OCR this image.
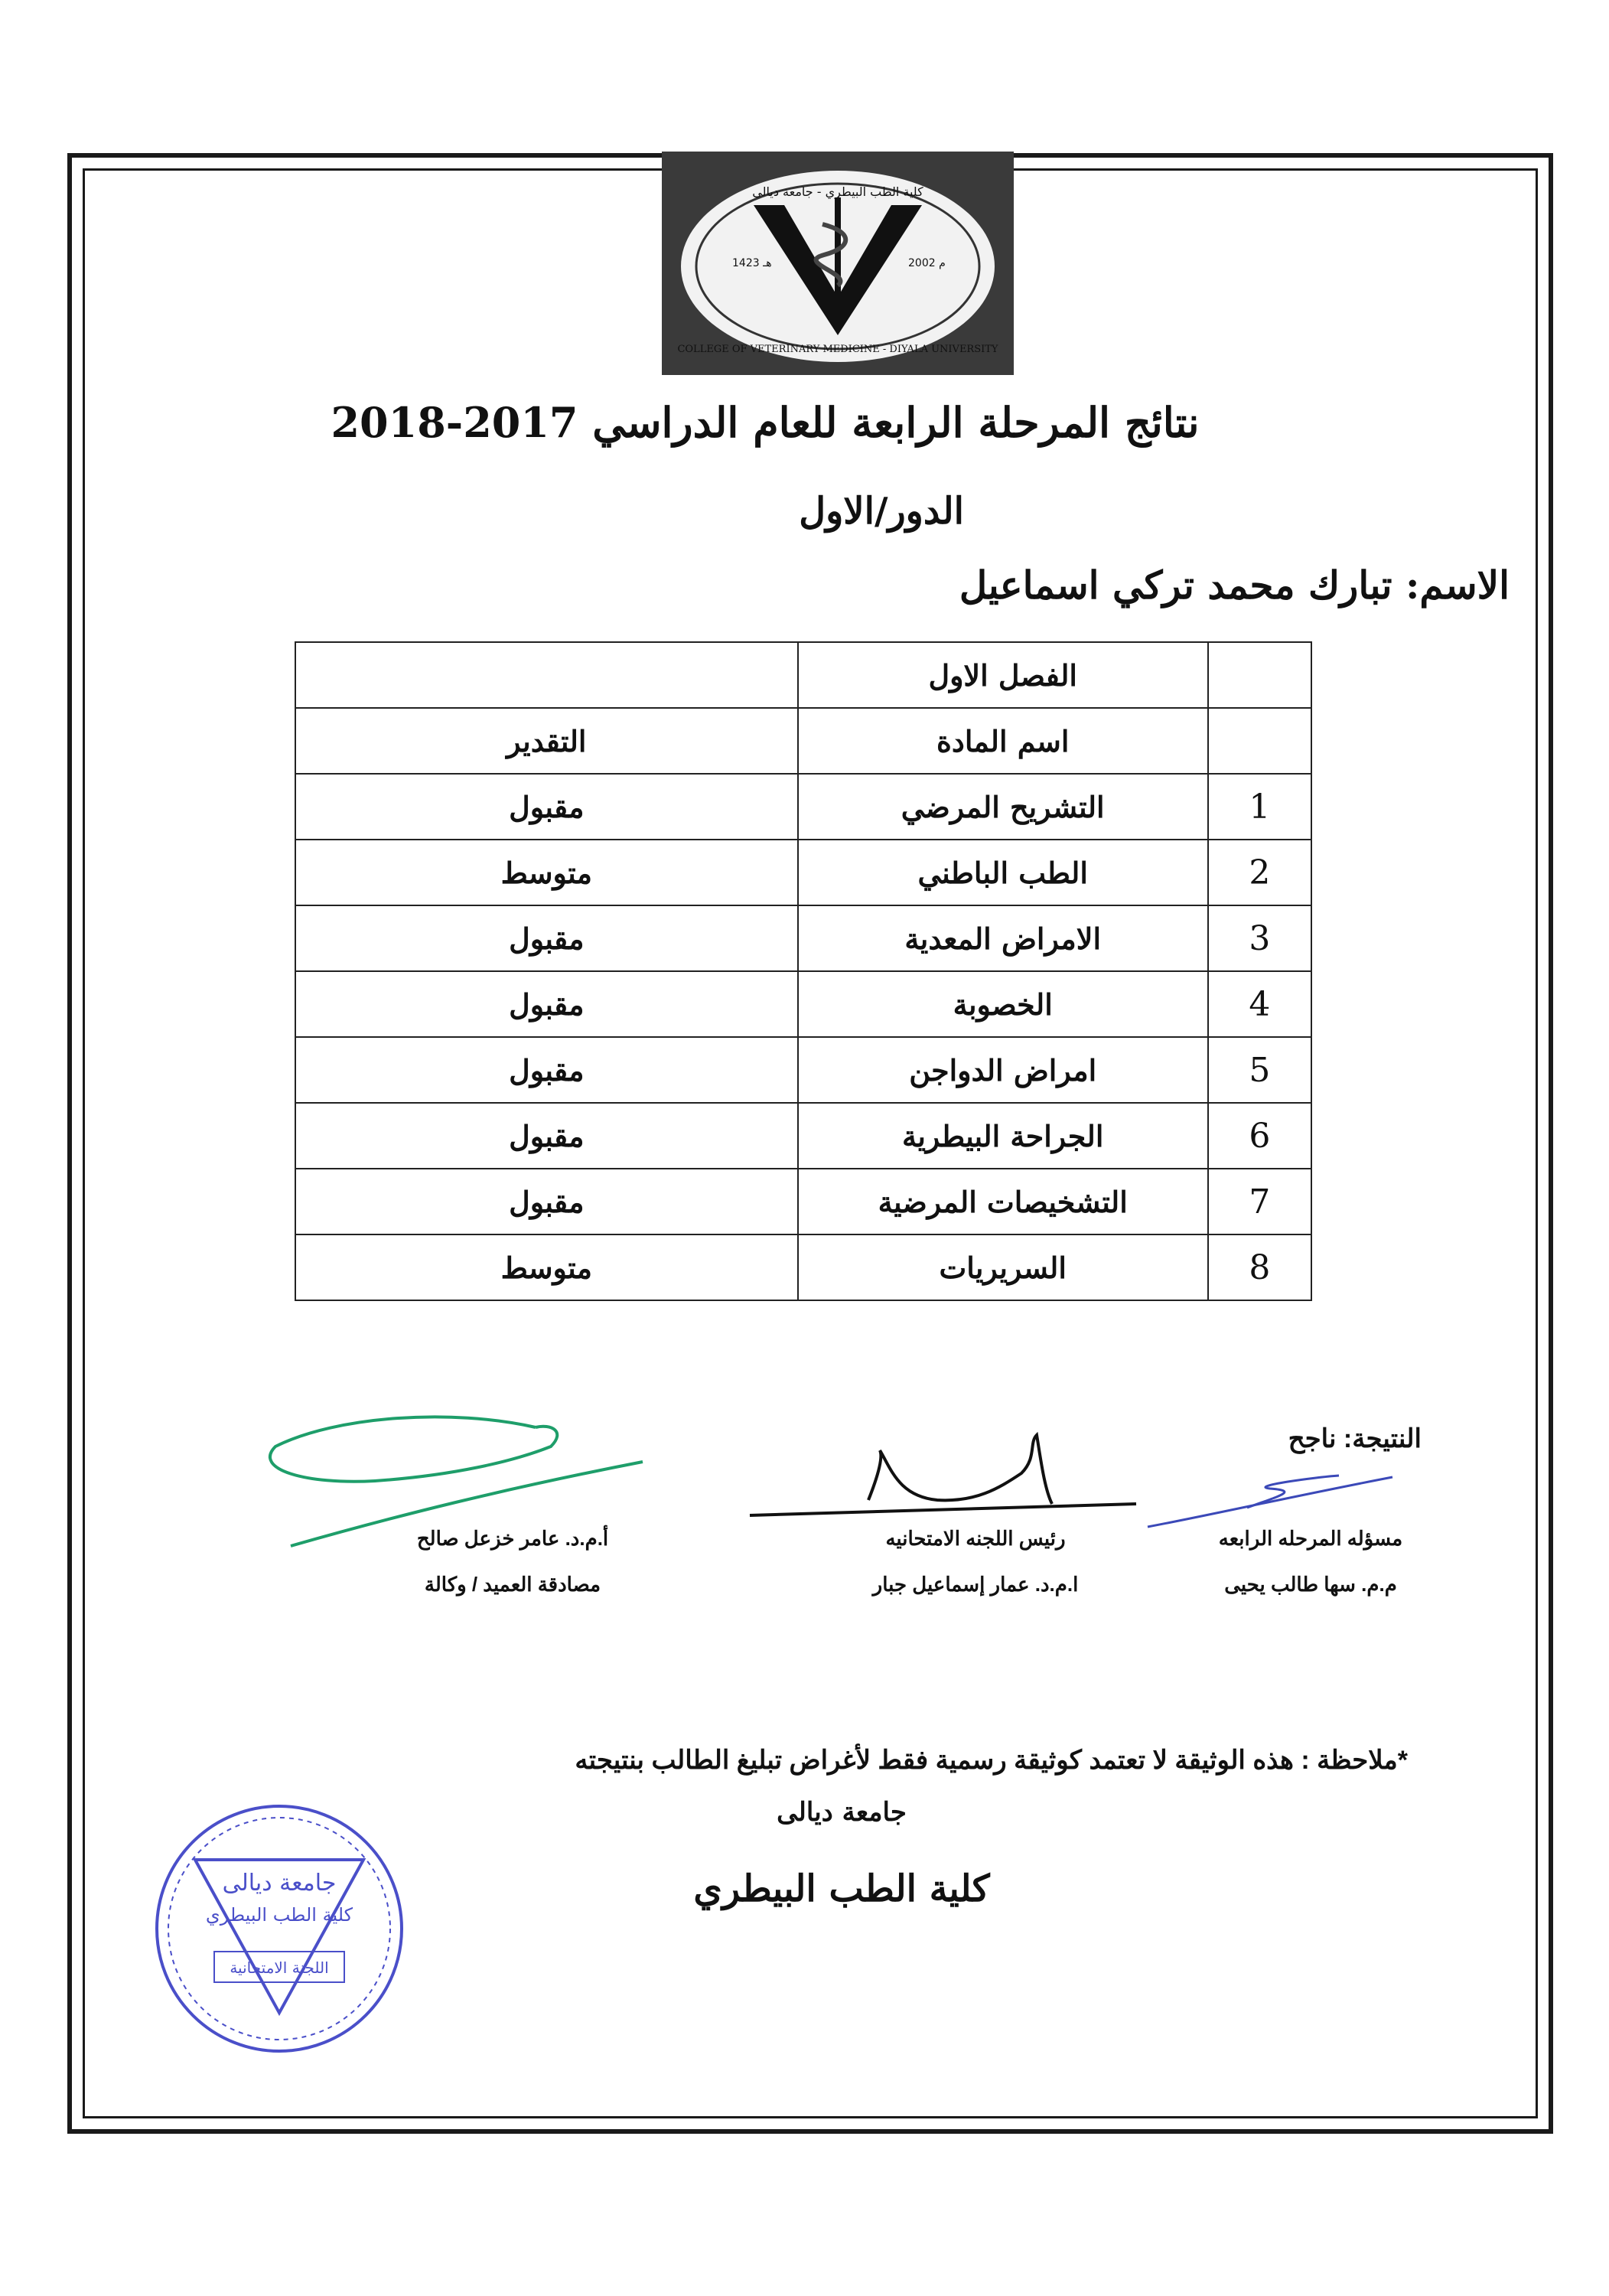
1423 هـ	2002 م
كلية الطب البيطري - جامعة ديالى
COLLEGE OF VETERINARY MEDICINE - DIYALA UNIVERSITY
نتائج المرحلة الرابعة للعام الدراسي 2017-2018
الدور/الاول
الاسم: تبارك محمد تركي اسماعيل
	الفصل الاول	
	اسم المادة	التقدير
1	التشريح المرضي	مقبول
2	الطب الباطني	متوسط
3	الامراض المعدية	مقبول
4	الخصوبة	مقبول
5	امراض الدواجن	مقبول
6	الجراحة البيطرية	مقبول
7	التشخيصات المرضية	مقبول
8	السريريات	متوسط
النتيجة: ناجح
مسؤله المرحله الرابعه
م.م. سها طالب يحيى
رئيس اللجنه الامتحانيه
ا.م.د. عمار إسماعيل جبار
أ.م.د. عامر خزعل صالح
مصادقة العميد / وكالة
*ملاحظة : هذه الوثيقة لا تعتمد كوثيقة رسمية فقط لأغراض تبليغ الطالب بنتيجته
جامعة ديالى
كلية الطب البيطري
جامعة ديالى
كلية الطب البيطري
اللجنة الامتحانية
